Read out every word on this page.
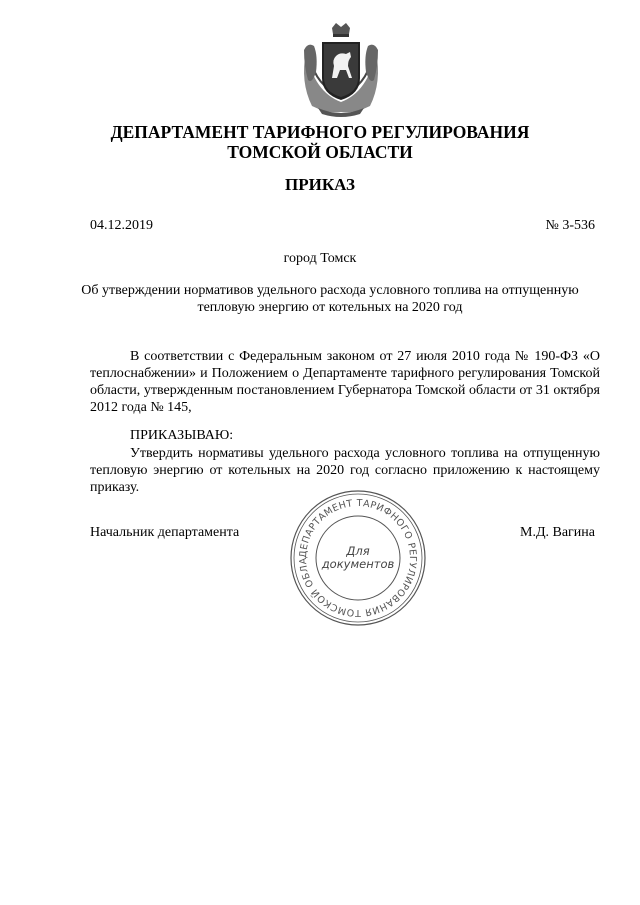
ДЕПАРТАМЕНТ ТАРИФНОГО РЕГУЛИРОВАНИЯ
ТОМСКОЙ ОБЛАСТИ
ПРИКАЗ
04.12.2019	№ 3-536
город Томск
Об утверждении нормативов удельного расхода условного топлива на отпущенную тепловую энергию от котельных на 2020 год

В соответствии с Федеральным законом от 27 июля 2010 года № 190-ФЗ «О теплоснабжении» и Положением о Департаменте тарифного регулирования Томской области, утвержденным постановлением Губернатора Томской области от 31 октября 2012 года № 145,

ПРИКАЗЫВАЮ:

Утвердить нормативы удельного расхода условного топлива на отпущенную тепловую энергию от котельных на 2020 год согласно приложению к настоящему приказу.

Начальник департамента	М.Д. Вагина
ДЕПАРТАМЕНТ ТАРИФНОГО РЕГУЛИРОВАНИЯ ТОМСКОЙ ОБЛА
Для
документов
